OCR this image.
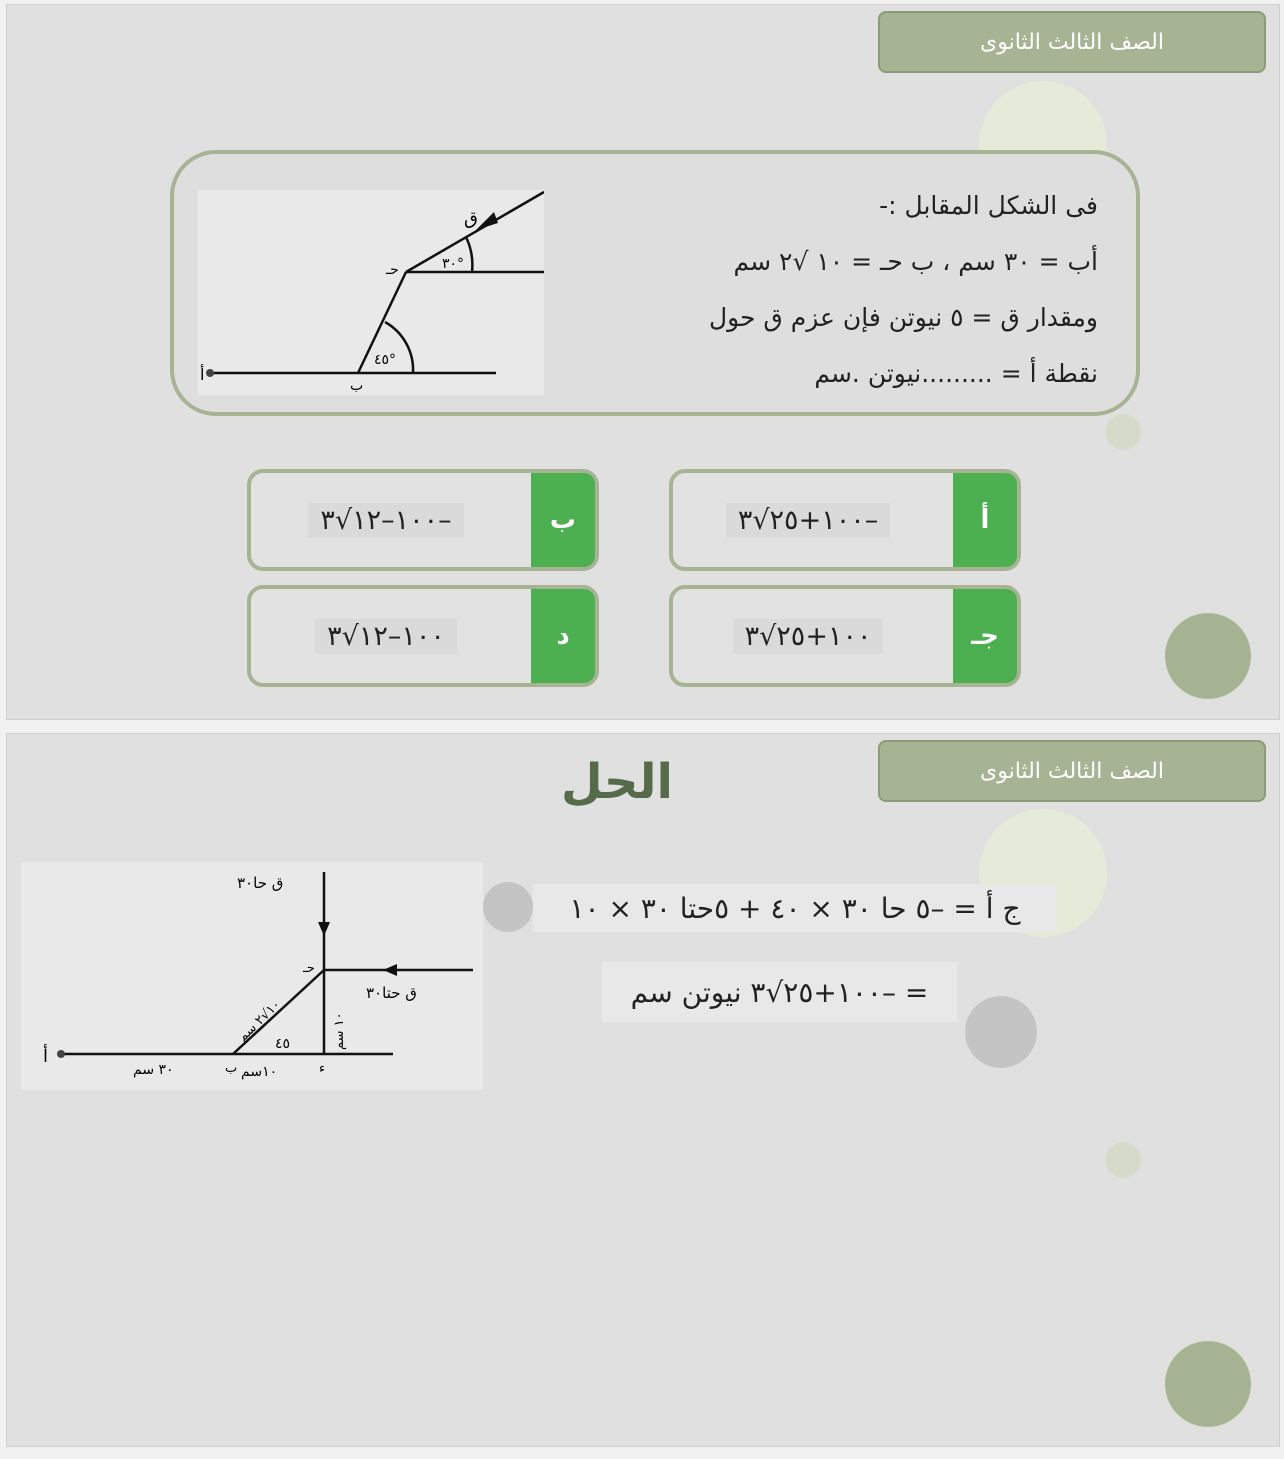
الصف الثالث الثانوى
فى الشكل المقابل :-
أب = ٣٠ سم ، ب حـ = ١٠ √٢ سم
ومقدار ق = ٥ نيوتن فإن عزم ق حول
نقطة أ = .........نيوتن .سم
ق
٣٠°
حـ
٤٥°
ب
أ
أ
–١٠٠+٢٥√٣
ب
–١٠٠–١٢√٣
جـ
١٠٠+٢٥√٣
د
١٠٠–١٢√٣
الصف الثالث الثانوى
الحل
ج أ = –٥ حا ٣٠ × ٤٠ + ٥حتا ٣٠ × ١٠
= –١٠٠+٢٥√٣ نيوتن سم
ق حا٣٠
ق حتا٣٠
حـ
١٠√٢ سم
١٠ سم
٤٥
أ
٣٠ سم	١٠سم
ب	ء
